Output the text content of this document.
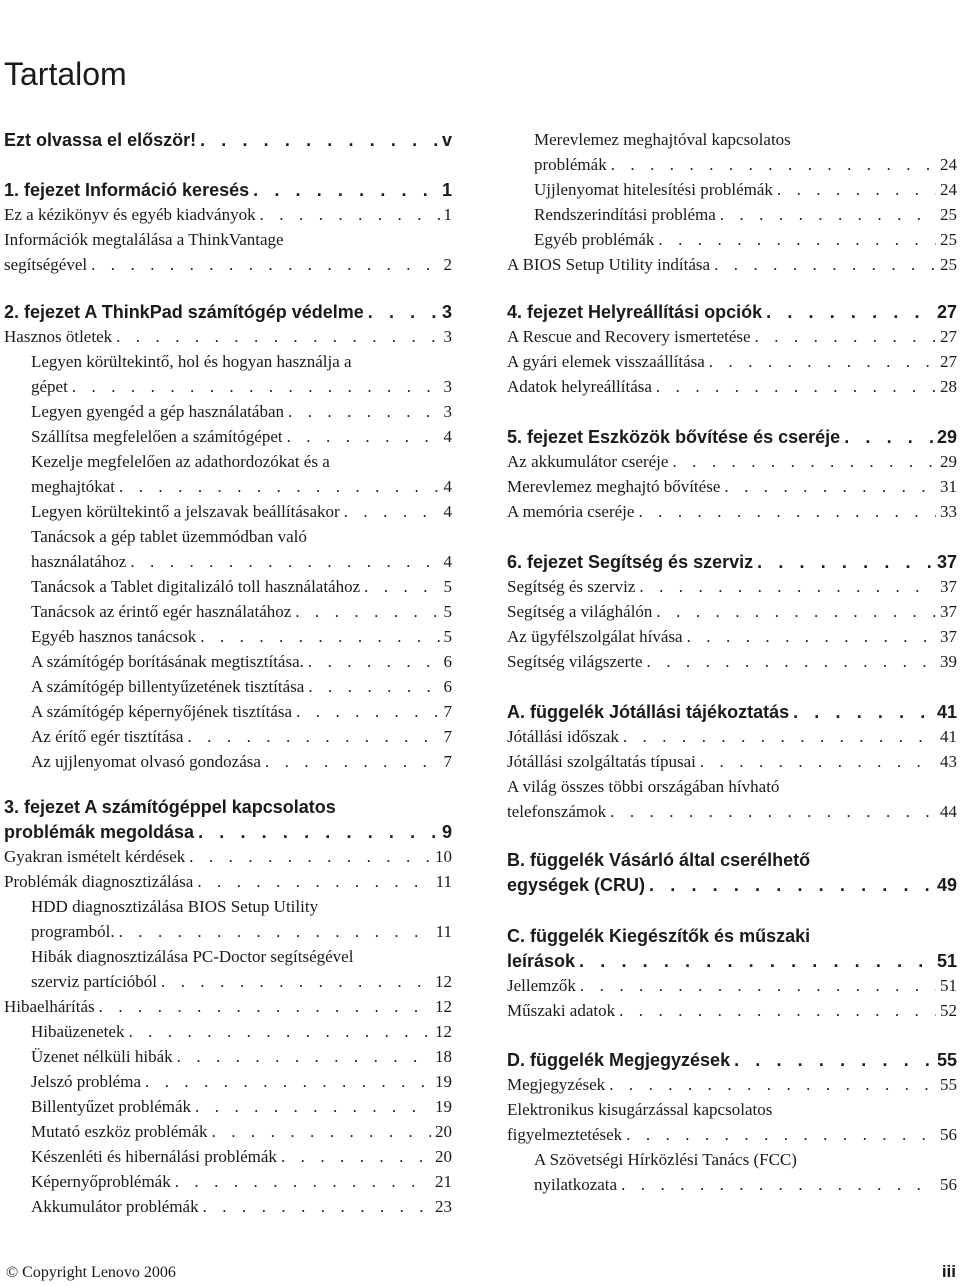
Tartalom
Ezt olvassa el először! . . .	v
1. fejezet Információ keresés . . .	1
Ez a kézikönyv és egyéb kiadványok . . .	1
Információk megtalálása a ThinkVantage
segítségével . . .	2
2. fejezet A ThinkPad számítógép védelme . . .	3
Hasznos ötletek . . .	3
Legyen körültekintő, hol és hogyan használja a
gépet . . .	3
Legyen gyengéd a gép használatában . . .	3
Szállítsa megfelelően a számítógépet . . .	4
Kezelje megfelelően az adathordozókat és a
meghajtókat . . .	4
Legyen körültekintő a jelszavak beállításakor . . .	4
Tanácsok a gép tablet üzemmódban való
használatához . . .	4
Tanácsok a Tablet digitalizáló toll használatához . . .	5
Tanácsok az érintő egér használatához . . .	5
Egyéb hasznos tanácsok . . .	5
A számítógép borításának megtisztítása. . . .	6
A számítógép billentyűzetének tisztítása . . .	6
A számítógép képernyőjének tisztítása . . .	7
Az érítő egér tisztítása . . .	7
Az ujjlenyomat olvasó gondozása . . .	7
3. fejezet A számítógéppel kapcsolatos
problémák megoldása . . .	9
Gyakran ismételt kérdések . . .	10
Problémák diagnosztizálása . . .	11
HDD diagnosztizálása BIOS Setup Utility
programból. . . .	11
Hibák diagnosztizálása PC-Doctor segítségével
szerviz partícióból . . .	12
Hibaelhárítás . . .	12
Hibaüzenetek . . .	12
Üzenet nélküli hibák . . .	18
Jelszó probléma . . .	19
Billentyűzet problémák . . .	19
Mutató eszköz problémák . . .	20
Készenléti és hibernálási problémák . . .	20
Képernyőproblémák . . .	21
Akkumulátor problémák . . .	23
Merevlemez meghajtóval kapcsolatos
problémák . . .	24
Ujjlenyomat hitelesítési problémák . . .	24
Rendszerindítási probléma . . .	25
Egyéb problémák . . .	25
A BIOS Setup Utility indítása . . .	25
4. fejezet Helyreállítási opciók . . .	27
A Rescue and Recovery ismertetése . . .	27
A gyári elemek visszaállítása . . .	27
Adatok helyreállítása . . .	28
5. fejezet Eszközök bővítése és cseréje . . .	29
Az akkumulátor cseréje . . .	29
Merevlemez meghajtó bővítése . . .	31
A memória cseréje . . .	33
6. fejezet Segítség és szerviz . . .	37
Segítség és szerviz . . .	37
Segítség a világhálón . . .	37
Az ügyfélszolgálat hívása . . .	37
Segítség világszerte . . .	39
A. függelék Jótállási tájékoztatás . . .	41
Jótállási időszak . . .	41
Jótállási szolgáltatás típusai . . .	43
A világ összes többi országában hívható
telefonszámok . . .	44
B. függelék Vásárló által cserélhető
egységek (CRU) . . .	49
C. függelék Kiegészítők és műszaki
leírások . . .	51
Jellemzők . . .	51
Műszaki adatok . . .	52
D. függelék Megjegyzések . . .	55
Megjegyzések . . .	55
Elektronikus kisugárzással kapcsolatos
figyelmeztetések . . .	56
A Szövetségi Hírközlési Tanács (FCC)
nyilatkozata . . .	56
© Copyright Lenovo 2006	iii
